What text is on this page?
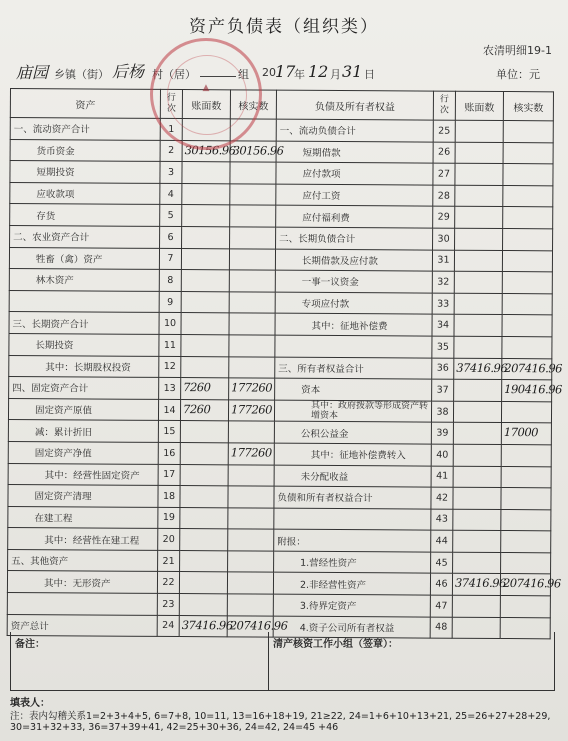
资产负债表（组织类）
农清明细19-1
庙园 乡镇（街） 后杨 村（居）	组 20 17
年 12 月 31 日	单位：元
资产	行次	账面数	核实数	负债及所有者权益	行次	账面数	核实数
一、流动资产合计	1			一、流动负债合计	25	

货币资金	2	30156.96	30156.96	短期借款	26	

短期投资	3			应付款项	27	

应收款项	4			应付工资	28	

存货	5			应付福利费	29	

二、农业资产合计	6			二、长期负债合计	30	

牲畜（禽）资产	7			长期借款及应付款	31	

林木资产	8			一事一议资金	32	

	9			专项应付款	33	

三、长期资产合计	10			其中：征地补偿费	34	

长期投资	11				35	

其中：长期股权投资	12			三、所有者权益合计	36	37416.96	207416.96

四、固定资产合计	13	7260	177260	资本	37		190416.96

固定资产原值	14	7260	177260	其中：政府拨款等形成资产转增资本	38	

减：累计折旧	15			公积公益金	39		17000

固定资产净值	16		177260	其中：征地补偿费转入	40	

其中：经营性固定资产	17			未分配收益	41	

固定资产清理	18			负债和所有者权益合计	42	

在建工程	19				43	

其中：经营性在建工程	20			附报：	44	

五、其他资产	21			1.营经性资产	45	

其中：无形资产	22			2.非经营性资产	46	37416.96	207416.96

	23			3.待界定资产	47	

资产总计	24	37416.96	207416.96	4.资子公司所有者权益	48	

▲
备注：	清产核资工作小组（签章）：
填表人：
注：表内勾稽关系1=2+3+4+5, 6=7+8, 10=11, 13=16+18+19, 21≥22, 24=1+6+10+13+21, 25=26+27+28+29,
30=31+32+33, 36=37+39+41, 42=25+30+36, 24=42, 24=45 +46
